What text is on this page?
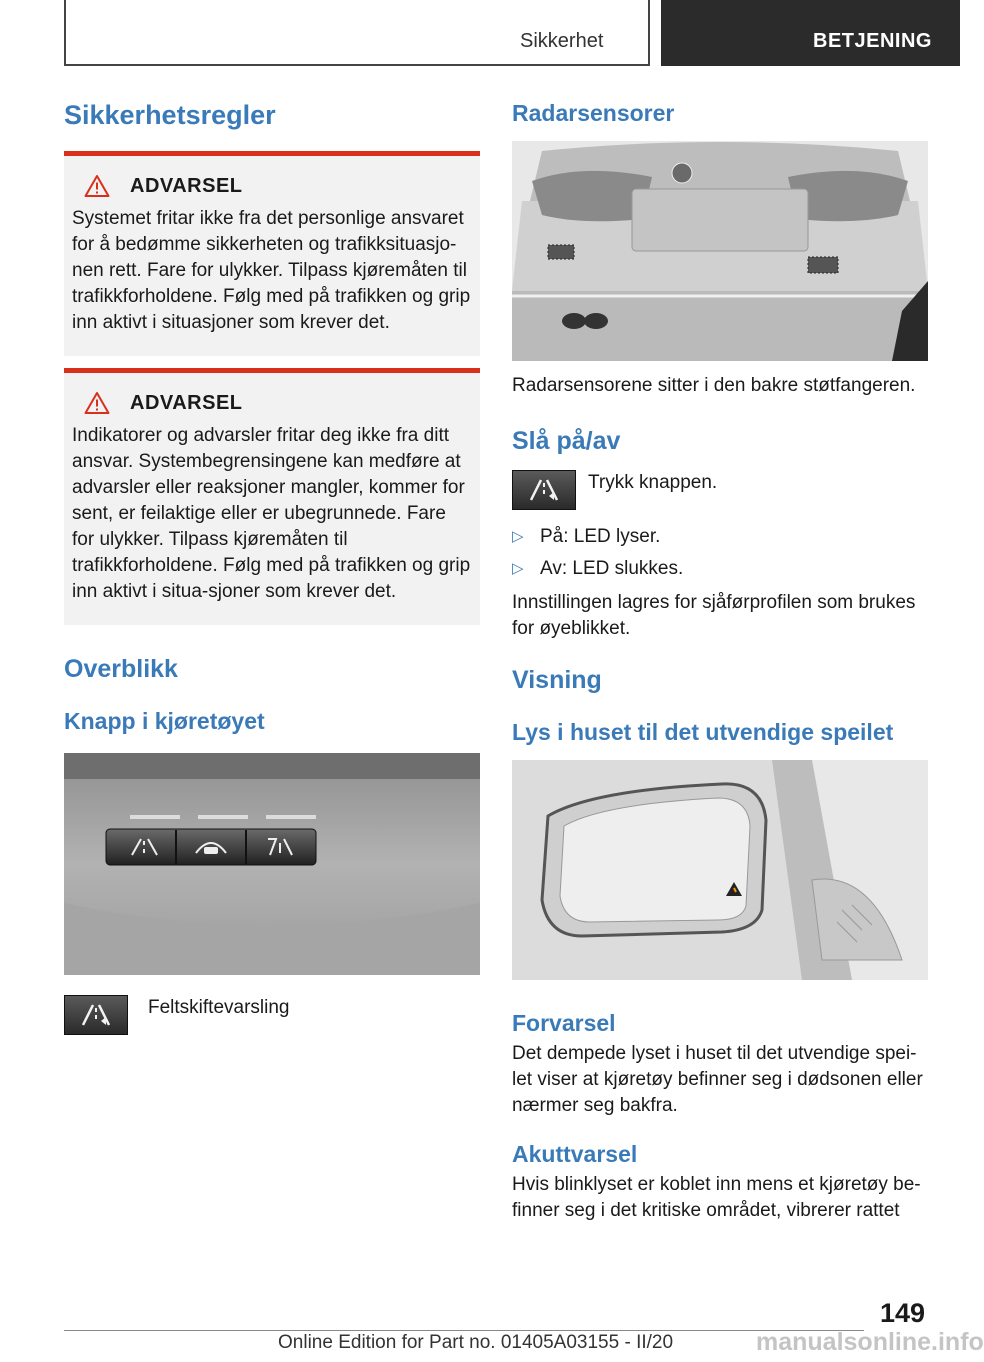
Sikkerhet	BETJENING
Sikkerhetsregler
ADVARSEL
Systemet fritar ikke fra det personlige ansvaret for å bedømme sikkerheten og trafikksituasjo-nen rett. Fare for ulykker. Tilpass kjøremåten til trafikkforholdene. Følg med på trafikken og grip inn aktivt i situasjoner som krever det.
ADVARSEL
Indikatorer og advarsler fritar deg ikke fra ditt ansvar. Systembegrensingene kan medføre at advarsler eller reaksjoner mangler, kommer for sent, er feilaktige eller er ubegrunnede. Fare for ulykker. Tilpass kjøremåten til trafikkforholdene. Følg med på trafikken og grip inn aktivt i situa-sjoner som krever det.
Overblikk
Knapp i kjøretøyet
Feltskiftevarsling
Radarsensorer
Radarsensorene sitter i den bakre støtfangeren.
Slå på/av
Trykk knappen.
▷ På: LED lyser.
▷ Av: LED slukkes.
Innstillingen lagres for sjåførprofilen som brukes for øyeblikket.
Visning
Lys i huset til det utvendige speilet
Forvarsel
Det dempede lyset i huset til det utvendige spei-let viser at kjøretøy befinner seg i dødsonen eller nærmer seg bakfra.
Akuttvarsel
Hvis blinklyset er koblet inn mens et kjøretøy be-finner seg i det kritiske området, vibrerer rattet
149
Online Edition for Part no. 01405A03155 - II/20	manualsonline.info
